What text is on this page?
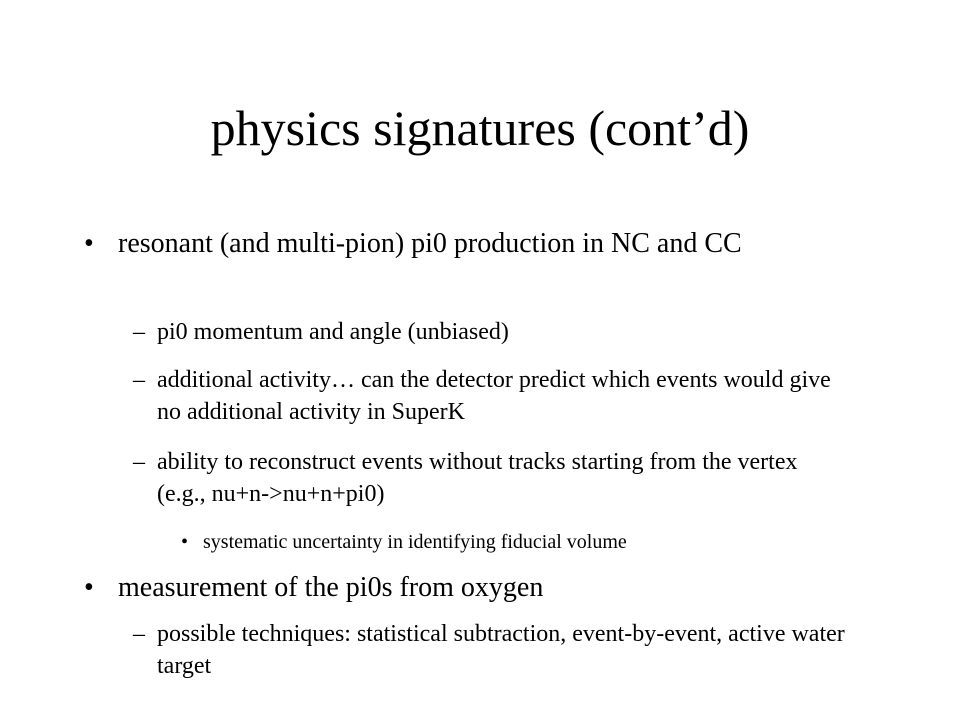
physics signatures (cont’d)
• resonant (and multi-pion) pi0 production in NC and CC
– pi0 momentum and angle (unbiased)
– additional activity… can the detector predict which events would give no additional activity in SuperK
– ability to reconstruct events without tracks starting from the vertex (e.g., nu+n->nu+n+pi0)
• systematic uncertainty in identifying fiducial volume
• measurement of the pi0s from oxygen
– possible techniques: statistical subtraction, event-by-event, active water target
